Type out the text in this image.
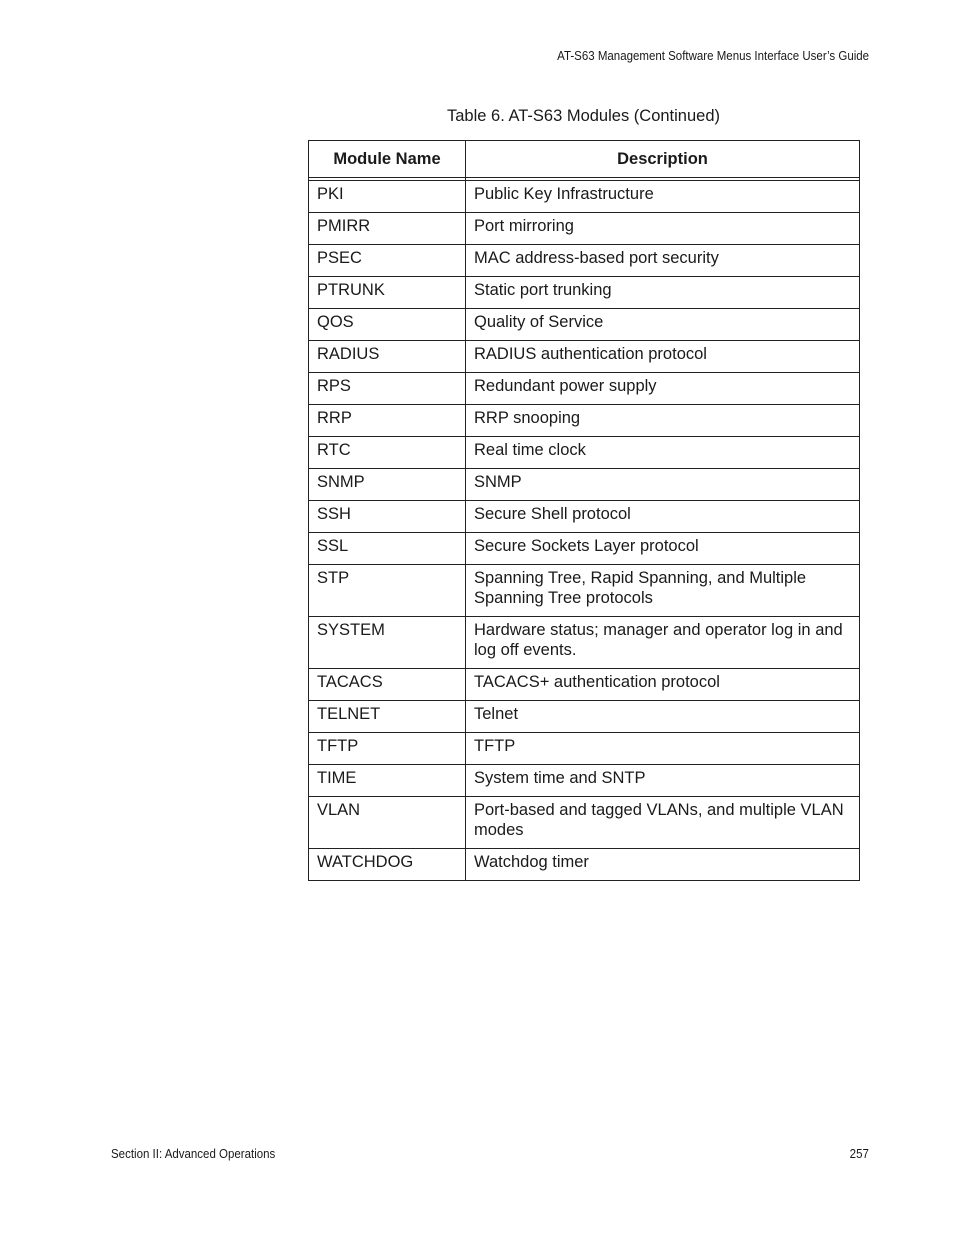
AT-S63 Management Software Menus Interface User’s Guide
Table 6. AT-S63 Modules (Continued)
Module Name	Description

PKI	Public Key Infrastructure
PMIRR	Port mirroring
PSEC	MAC address-based port security
PTRUNK	Static port trunking
QOS	Quality of Service
RADIUS	RADIUS authentication protocol
RPS	Redundant power supply
RRP	RRP snooping
RTC	Real time clock
SNMP	SNMP
SSH	Secure Shell protocol
SSL	Secure Sockets Layer protocol
STP	Spanning Tree, Rapid Spanning, and Multiple Spanning Tree protocols
SYSTEM	Hardware status; manager and operator log in and log off events.
TACACS	TACACS+ authentication protocol
TELNET	Telnet
TFTP	TFTP
TIME	System time and SNTP
VLAN	Port-based and tagged VLANs, and multiple VLAN modes
WATCHDOG	Watchdog timer
Section II: Advanced Operations	257
